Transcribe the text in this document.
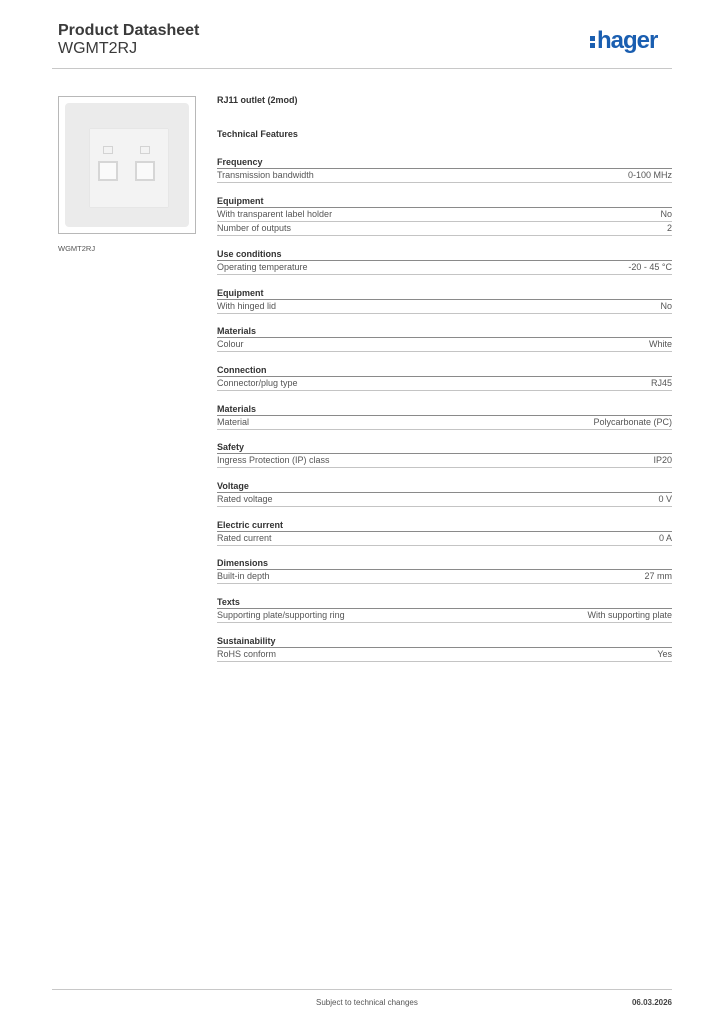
Product Datasheet
WGMT2RJ	hager
WGMT2RJ
RJ11 outlet (2mod)
Technical Features
Frequency
Transmission bandwidth	0-100 MHz
Equipment
With transparent label holder	No
Number of outputs	2
Use conditions
Operating temperature	-20 - 45 °C
Equipment
With hinged lid	No
Materials
Colour	White
Connection
Connector/plug type	RJ45
Materials
Material	Polycarbonate (PC)
Safety
Ingress Protection (IP) class	IP20
Voltage
Rated voltage	0 V
Electric current
Rated current	0 A
Dimensions
Built-in depth	27 mm
Texts
Supporting plate/supporting ring	With supporting plate
Sustainability
RoHS conform	Yes
Subject to technical changes	06.03.2026
